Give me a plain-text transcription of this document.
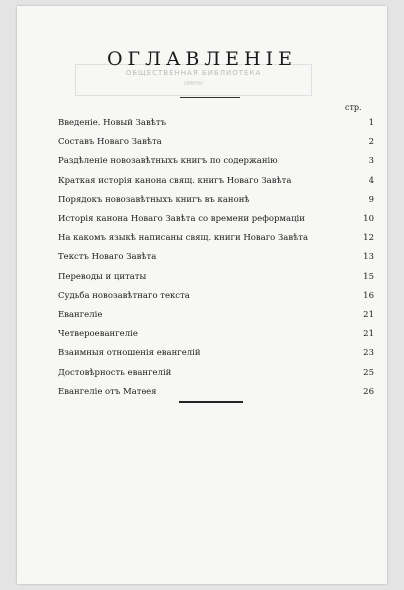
ОБЩЕСТВЕННАЯ БИБЛИОТЕКА
ИМЕНИ
ОГЛАВЛЕНІЕ
стр.
Введеніе. Новый Завѣтъ	1
Составъ Новаго Завѣта	2
Раздѣленіе новозавѣтныхъ книгъ по содержанію	3
Краткая исторія канона свящ. книгъ Новаго Завѣта	4
Порядокъ новозавѣтныхъ книгъ въ канонѣ	9
Исторія канона Новаго Завѣта со времени реформаціи	10
На какомъ языкѣ написаны свящ. книги Новаго Завѣта	12
Текстъ Новаго Завѣта	13
Переводы и цитаты	15
Судьба новозавѣтнаго текста	16
Евангеліе	21
Четвероевангеліе	21
Взаимныя отношенія евангелій	23
Достовѣрность евангелій	25
Евангеліе отъ Матѳея	26
